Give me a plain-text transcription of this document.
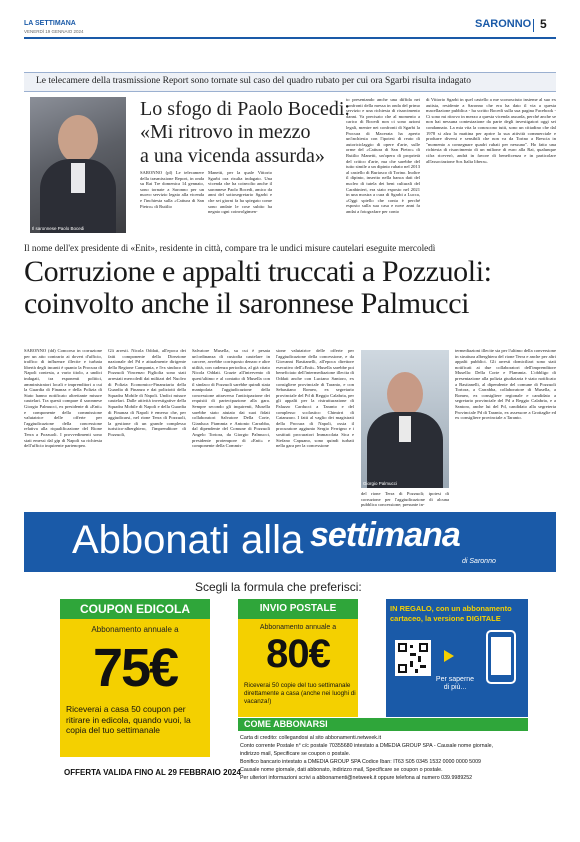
LA SETTIMANA
VENERDÌ 19 GENNAIO 2024
SARONNO 5
Le telecamere della trasmissione Report sono tornate sul caso del quadro rubato per cui ora Sgarbi risulta indagato
Il saronnese Paolo Bocedi
Lo sfogo di Paolo Bocedi:
«Mi ritrovo in mezzo
a una vicenda assurda»
SARONNO (pl) Le telecamere della trasmissione Report, in onda su Rai Tre domenica 14 gennaio, sono tornate a Saronno per un nuovo servizio legato alla vicenda e l'inchiesta sulla «Cattura di San Pietro» di Rutilio
Manetti, per la quale Vittorio Sgarbi ora risulta indagato. Una vicenda che ha coinvolto anche il saronnese Paolo Bocedi, amico da anni del sottosegretario Sgarbi e che sei giorni fa ha spiegato come sono andate le cose subito ha negato ogni coinvolgimen-
to presentando anche una diffida nei confronti della messa in onda del primo servizio e una richiesta di risarcimento danni. Va precisato che al momento a carico di Bocedi non ci sono azioni legali, mentre nei confronti di Sgarbi la Procura di Macerata ha aperto un'inchiesta con l'ipotesi di reato di autoriciclaggio di opere d'arte, sulle orme del «Cattura di San Pietro» di Rutilio Manetti, un'opera di proprietà del critico d'arte, ma che sarebbe del tutto simile a un dipinto rubato nel 2013 al castello di Buriasco di Torino. Inoltre il dipinto, inserito nella banca dati del nucleo di tutela dei beni culturali del Carabinieri, era stato esposto nel 2021 in una mostra a cura di Sgarbi a Lucca, «Oggi spiello che conta è perché esposto sulla sua casa e nove anni fa andai a fotografare per conto
di Vittorio Sgarbi in quel castello a me sconosciuto insieme al suo ex autista, residente a Saronno che era ha dato il via a questa macellazione pubblica - ha scritto Bocedi sulla sua pagina Facebook - Ci sono mi ritrovo in mezzo a questa vicenda assurda, perché anche se non hai nessuna contestazione da parte degli investigatori oggi sei condannato. La mia vita la conoscono tutti, sono un cittadino che dal 1978 si alza la mattina per aprire la sua attività commerciale e produrre diversi e sensibili che non va da Torino a Brescia in "momento a consegnare quadri rubati per nessuno". Ho fatto una richiesta di risarcimento di un milione di euro alla Rai, qualunque cifra riceverò, andrà in favore di beneficenza e in particolare all'associazione Sos Italia libera».
Il nome dell'ex presidente di «Enit», residente in città, compare tra le undici misure cautelari eseguite mercoledì
Corruzione e appalti truccati a Pozzuoli:
coinvolto anche il saronnese Palmucci
SARONNO (dd) Concorso in corruzione per un atto contrario ai doveri d'ufficio, traffico di influenze illecite e turbata libertà degli incanti è quanto la Procura di Napoli contesta, a vario titolo, a undici indagati, tra esponenti politici, amministratori locali e imprenditori a cui la Guardia di Finanza e della Polizia di Stato hanno notificato altrettante misure cautelari. Tra questi compare il saronnese Giorgio Palmucci, ex presidente di «Enit» e componente della commissione valutatrice delle offerte per l'aggiudicazione della concessione relativa alla riqualificazione del Rione Terra a Pozzuoli. I provvedimenti sono stati emessi dal gip di Napoli su richiesta dell'ufficio inquirente partenopeo.
Gli arresti. Nicola Oddati, all'epoca dei fatti componente della Direzione nazionale del Pd e attualmente dirigente della Regione Campania, e l'ex sindaco di Pozzuoli Vincenzo Figliolia sono stati arrestati mercoledì dai militari del Nucleo di Polizia Economico-Finanziaria della Guardia di Finanza e dai poliziotti della Squadra Mobile di Napoli. Undici misure cautelari. Dalle attività investigative della Squadra Mobile di Napoli e della Guardia di Finanza di Napoli è emerso che, per aggiudicarsi, nel rione Terra di Pozzuoli, la gestione di un grande complesso turistico-alberghiero, l'imprenditore di Pozzuoli,
Salvatore Musella, su cui è pesata un'ordinanza di custodia cautelare in carcere, avrebbe corrisposto denaro e altre utilità, con cadenza periodica, al già citato Nicola Oddati. Grazie all'intervento di quest'ultimo e al contatto di Musella con il sindaco di Pozzuoli sarebbe quindi stata manipolata l'aggiudicazione della concessione attraverso l'anticipazione dei requisiti di partecipazione alla gara. Sempre secondo gli inquirenti, Musella sarebbe stato aiutato dai suoi fidati collaboratori Salvatore Della Corte, Gianluca Fiammia e Antonio Carrabba, dal dipendente del Comune di Pozzuoli Angelo Tortora, da Giorgio Palmucci, presidente protempore di «Enit» e componente della Commis-
sione valutatrice delle offerte per l'aggiudicazione della concessione, e da Giovanni Bastianelli, all'epoca direttore esecutivo dell'«Enit». Musella sarebbe poi beneficiato dell'intermediazione illecita di Oddati anche con Luciano Santoro, ex consigliere provinciale di Taranto, e con Sebastiano Romeo, ex segretario provinciale del Pd di Reggio Calabria, per gli appalti per la ristrutturazione di Palazzo Carducci a Taranto e del complesso scolastico Chimirri di Catanzaro. I fatti al vaglio dei magistrati della Procura di Napoli, ossia il procuratore aggiunto Sergio Ferrigno e i sostituti procuratori Immacolata Sica e Stefano Capuano, sono quindi turbati nella gara per la concessione
Giorgio Palmucci
del rione Terra di Pozzuoli; ipotesi di corruzione per l'aggiudicazione di alcuna pubblica concessione; presunte in-
termediazioni illecite sia per l'ultimo della conversione in struttura alberghiera del rione Terra e anche per altri appalti pubblici. Gli arresti domiciliari sono stati notificati ai due collaboratori dell'imprenditore Musella: Della Corte e Flammia. L'obbligo di presentazione alla polizia giudiziaria è stato notificato a Bastianelli, al dipendente del comune di Pozzuoli Tortora, a Carrabba, collaboratore di Musella, a Romeo, ex consigliere regionale e candidato a segretario provinciale del Pd a Reggio Calabria, e a Santoro, anche lui del Pd, candidato alla segreteria Provinciale Pd di Taranto, ex assessore a Grottaglie ed ex consigliere provinciale a Taranto.
Abbonati alla settimana
di Saronno
Scegli la formula che preferisci:
COUPON EDICOLA
Abbonamento annuale a
75€
Riceverai a casa 50 coupon per ritirare in edicola, quando vuoi, la copia del tuo settimanale
INVIO POSTALE
Abbonamento annuale a
80€
Riceverai 50 copie del tuo settimanale direttamente a casa (anche nei luoghi di vacanza!)
IN REGALO, con un abbonamento
cartaceo, la versione DIGITALE
Per saperne di più...
COME ABBONARSI
Carta di credito: collegandosi al sito abbonamenti.netweek.it
Conto corrente Postale n° c/c postale 70355680 intestato a DMEDIA GROUP SPA - Causale nome giornale,
indirizzo mail, Specificare se coupon o postale.
Bonifico bancario intestato a DMEDIA GROUP SPA Codice Iban: IT63 S05 0345 1532 0000 0000 5009
Causale nome giornale, dati abbonato, indirizzo mail, Specificare se coupon o postale.
Per ulteriori informazioni scrivi a abbonamenti@netweek.it oppure telefona al numero 039.9989252
OFFERTA VALIDA FINO AL 29 FEBBRAIO 2024
